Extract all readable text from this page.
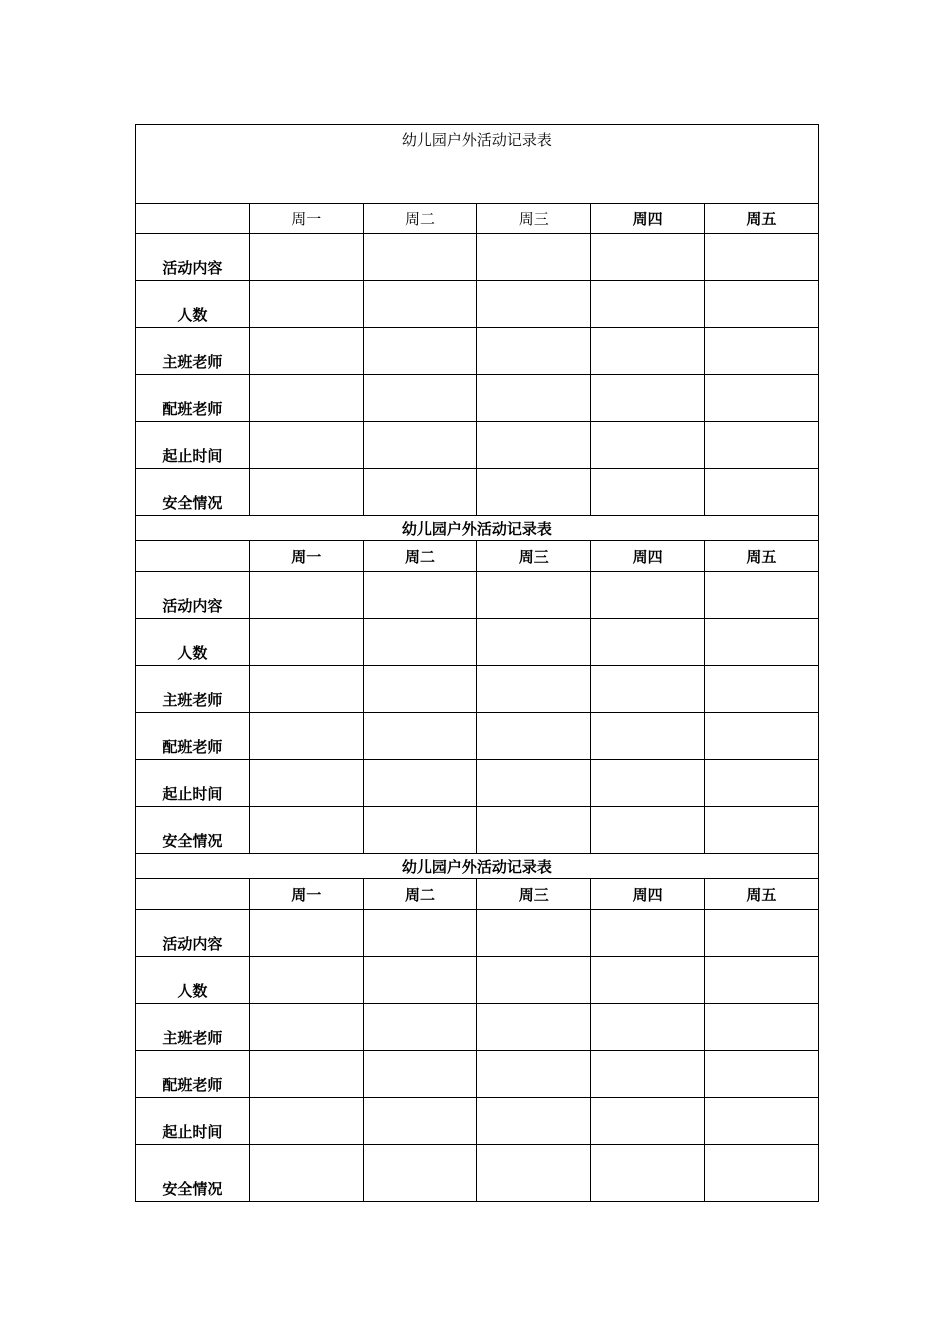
幼儿园户外活动记录表					
	周一	周二	周三	周四	周五
活动内容					
人数					
主班老师					
配班老师					
起止时间					
安全情况					
幼儿园户外活动记录表					
	周一	周二	周三	周四	周五
活动内容					
人数					
主班老师					
配班老师					
起止时间					
安全情况					
幼儿园户外活动记录表					
	周一	周二	周三	周四	周五
活动内容					
人数					
主班老师					
配班老师					
起止时间					
安全情况					
